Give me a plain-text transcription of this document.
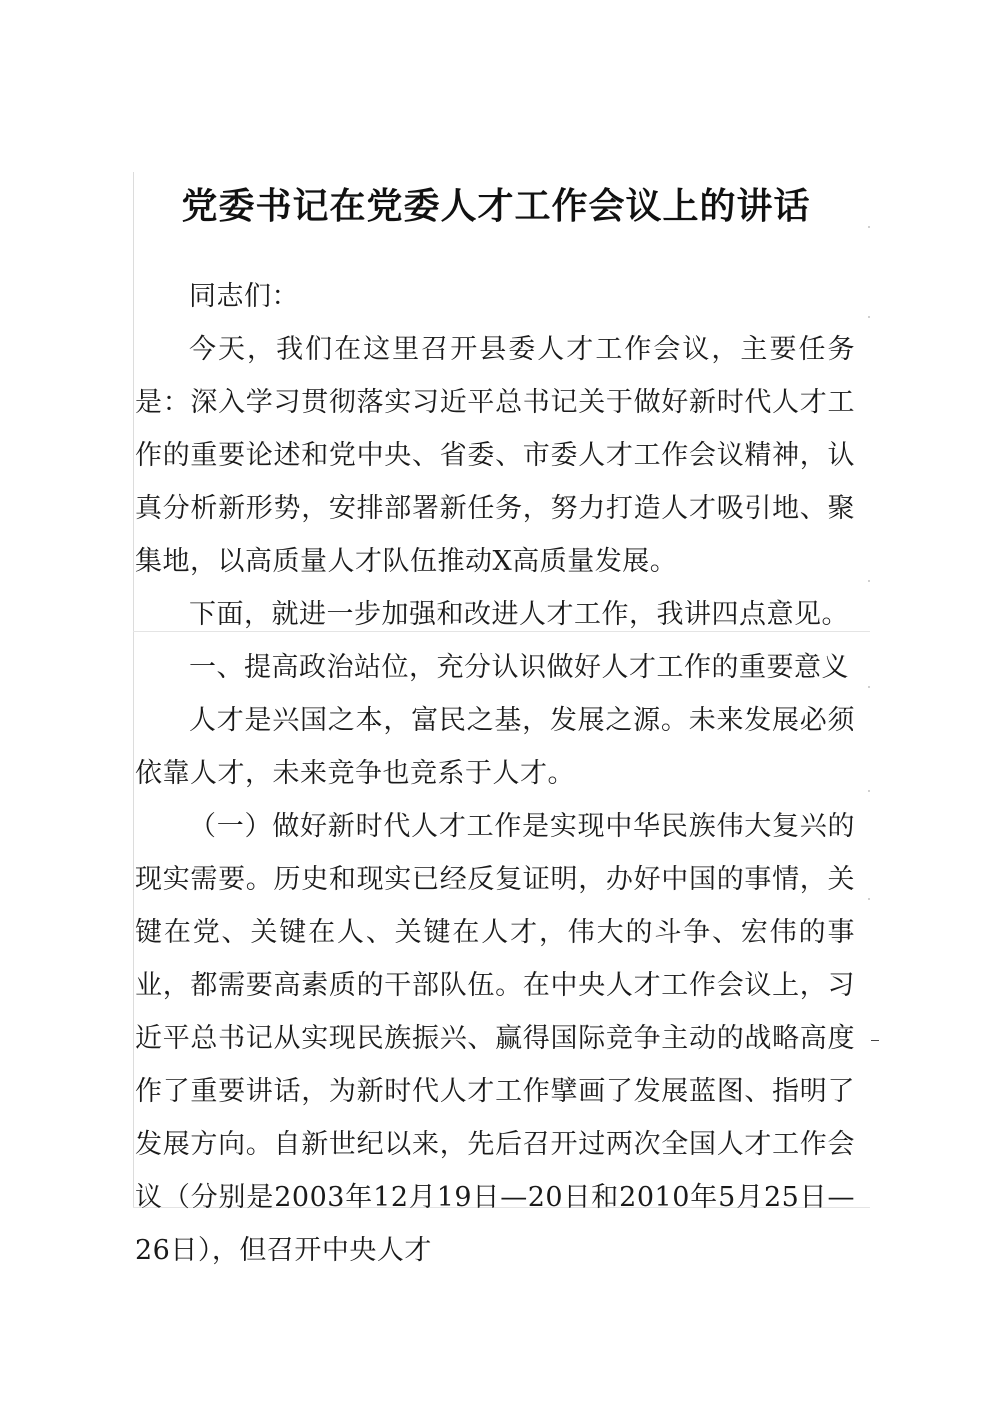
党委书记在党委人才工作会议上的讲话

同志们：

今天，我们在这里召开县委人才工作会议，主要任务是：深入学习贯彻落实习近平总书记关于做好新时代人才工作的重要论述和党中央、省委、市委人才工作会议精神，认真分析新形势，安排部署新任务，努力打造人才吸引地、聚集地，以高质量人才队伍推动X高质量发展。

下面，就进一步加强和改进人才工作，我讲四点意见。

一、提高政治站位，充分认识做好人才工作的重要意义

人才是兴国之本，富民之基，发展之源。未来发展必须依靠人才，未来竞争也竞系于人才。

（一）做好新时代人才工作是实现中华民族伟大复兴的现实需要。历史和现实已经反复证明，办好中国的事情，关键在党、关键在人、关键在人才，伟大的斗争、宏伟的事业，都需要高素质的干部队伍。在中央人才工作会议上，习近平总书记从实现民族振兴、赢得国际竞争主动的战略高度作了重要讲话，为新时代人才工作擘画了发展蓝图、指明了发展方向。自新世纪以来，先后召开过两次全国人才工作会议（分别是2003年12月19日—20日和2010年5月25日—26日），但召开中央人才
